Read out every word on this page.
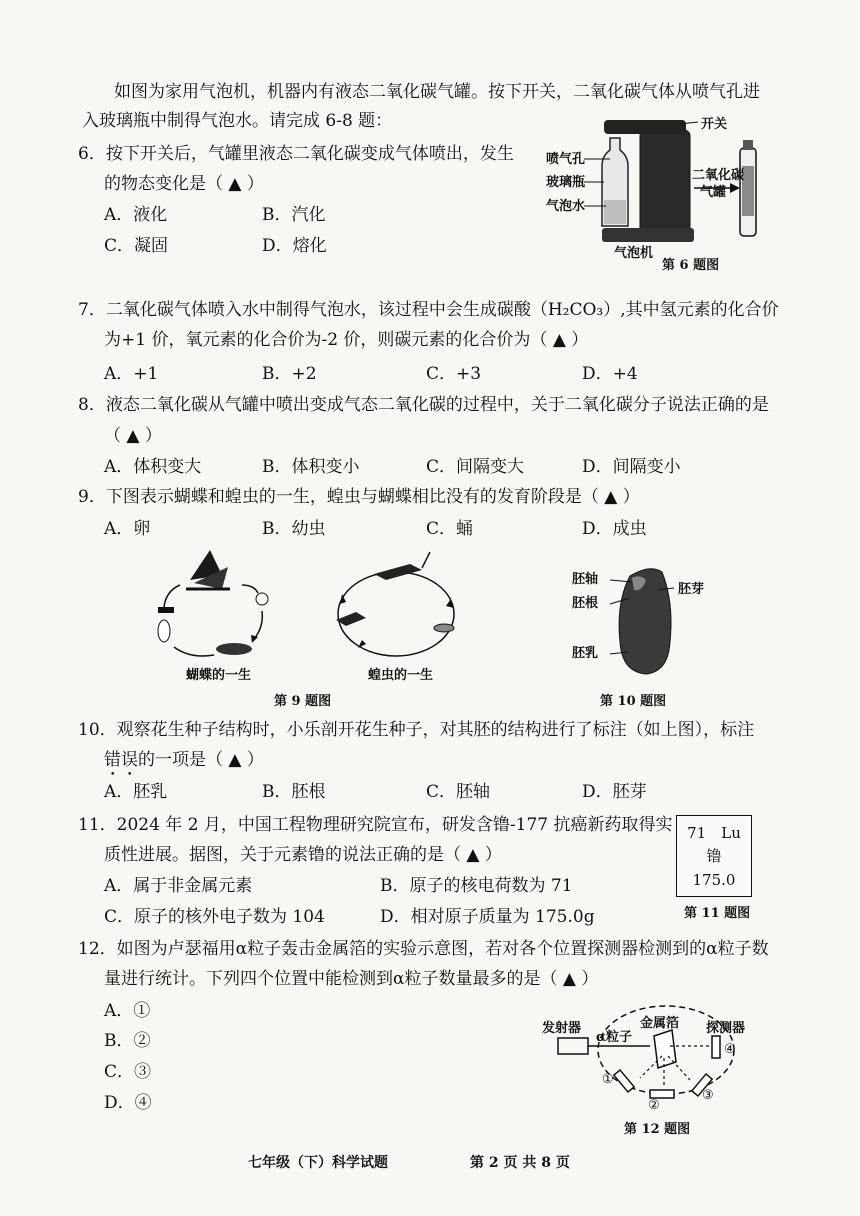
如图为家用气泡机，机器内有液态二氧化碳气罐。按下开关，二氧化碳气体从喷气孔进
入玻璃瓶中制得气泡水。请完成 6-8 题：
6．按下开关后，气罐里液态二氧化碳变成气体喷出，发生
的物态变化是（ ▲ ）
A．液化	B．汽化
C．凝固	D．熔化
开关
喷气孔
玻璃瓶
气泡水
二氧化碳
气罐
气泡机
第 6 题图
7．二氧化碳气体喷入水中制得气泡水，该过程中会生成碳酸（H₂CO₃）,其中氢元素的化合价
为+1 价，氧元素的化合价为-2 价，则碳元素的化合价为（ ▲ ）
A．+1	B．+2	C．+3	D．+4
8．液态二氧化碳从气罐中喷出变成气态二氧化碳的过程中，关于二氧化碳分子说法正确的是
（ ▲ ）
A．体积变大	B．体积变小	C．间隔变大	D．间隔变小
9．下图表示蝴蝶和蝗虫的一生，蝗虫与蝴蝶相比没有的发育阶段是（ ▲ ）
A．卵	B．幼虫	C．蛹	D．成虫
蝴蝶的一生	蝗虫的一生
第 9 题图
胚轴
胚芽
胚根
胚乳
第 10 题图
10．观察花生种子结构时，小乐剖开花生种子，对其胚的结构进行了标注（如上图），标注
错误的一项是（ ▲ ）
A．胚乳	B．胚根	C．胚轴	D．胚芽
11．2024 年 2 月，中国工程物理研究院宣布，研发含镥-177 抗癌新药取得实
质性进展。据图，关于元素镥的说法正确的是（ ▲ ）
A．属于非金属元素	B．原子的核电荷数为 71
C．原子的核外电子数为 104	D．相对原子质量为 175.0g
71　Lu
镥
175.0
第 11 题图
12．如图为卢瑟福用α粒子轰击金属箔的实验示意图，若对各个位置探测器检测到的α粒子数
量进行统计。下列四个位置中能检测到α粒子数量最多的是（ ▲ ）
A．①
B．②
C．③
D．④
发射器
α粒子
金属箔 探测器
①
②
③
④
第 12 题图
七年级（下）科学试题	第 2 页 共 8 页
